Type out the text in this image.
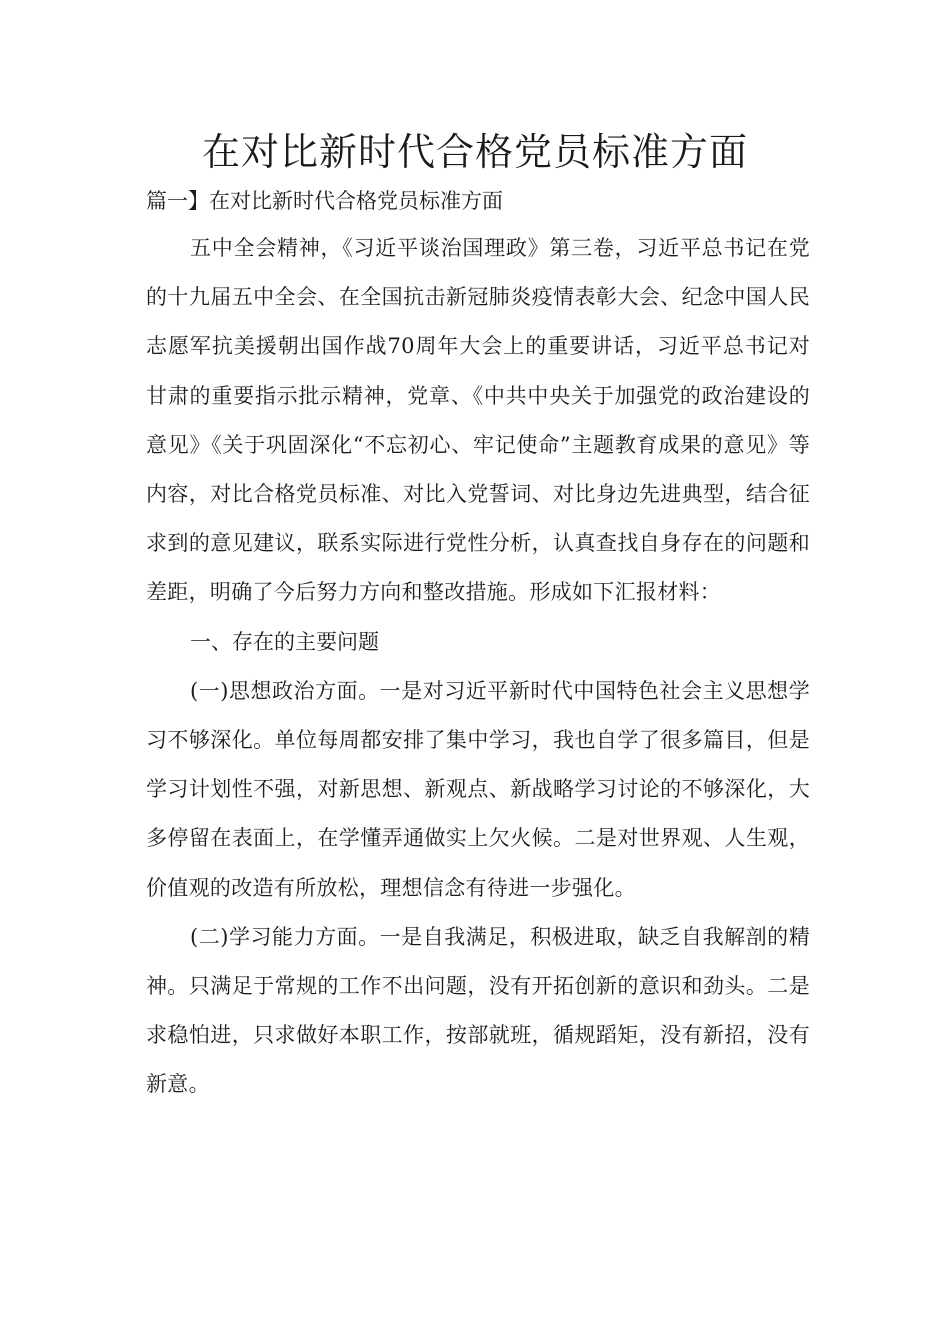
在对比新时代合格党员标准方面

篇一】在对比新时代合格党员标准方面

五中全会精神，《习近平谈治国理政》第三卷，习近平总书记在党的十九届五中全会、在全国抗击新冠肺炎疫情表彰大会、纪念中国人民志愿军抗美援朝出国作战70周年大会上的重要讲话，习近平总书记对甘肃的重要指示批示精神，党章、《中共中央关于加强党的政治建设的意见》《关于巩固深化“不忘初心、牢记使命”主题教育成果的意见》等内容，对比合格党员标准、对比入党誓词、对比身边先进典型，结合征求到的意见建议，联系实际进行党性分析，认真查找自身存在的问题和差距，明确了今后努力方向和整改措施。形成如下汇报材料：

一、存在的主要问题

(一)思想政治方面。一是对习近平新时代中国特色社会主义思想学习不够深化。单位每周都安排了集中学习，我也自学了很多篇目，但是学习计划性不强，对新思想、新观点、新战略学习讨论的不够深化，大多停留在表面上，在学懂弄通做实上欠火候。二是对世界观、人生观，价值观的改造有所放松，理想信念有待进一步强化。

(二)学习能力方面。一是自我满足，积极进取，缺乏自我解剖的精神。只满足于常规的工作不出问题，没有开拓创新的意识和劲头。二是求稳怕进，只求做好本职工作，按部就班，循规蹈矩，没有新招，没有新意。
